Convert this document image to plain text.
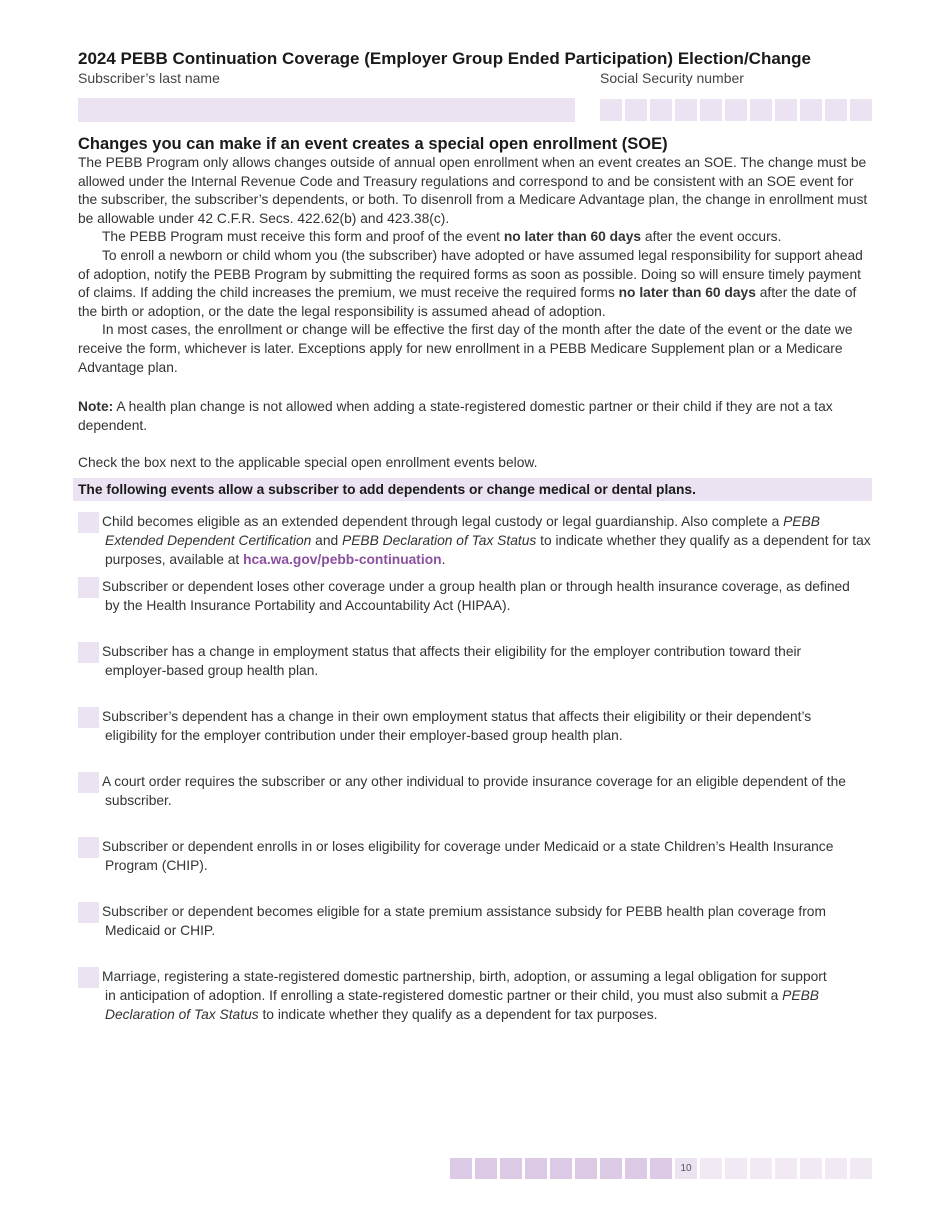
2024 PEBB Continuation Coverage (Employer Group Ended Participation) Election/Change
Subscriber’s last name	Social Security number
Changes you can make if an event creates a special open enrollment (SOE)

The PEBB Program only allows changes outside of annual open enrollment when an event creates an SOE. The change must be allowed under the Internal Revenue Code and Treasury regulations and correspond to and be consistent with an SOE event for the subscriber, the subscriber’s dependents, or both. To disenroll from a Medicare Advantage plan, the change in enrollment must be allowable under 42 C.F.R. Secs. 422.62(b) and 423.38(c).

The PEBB Program must receive this form and proof of the event no later than 60 days after the event occurs.

To enroll a newborn or child whom you (the subscriber) have adopted or have assumed legal responsibility for support ahead of adoption, notify the PEBB Program by submitting the required forms as soon as possible. Doing so will ensure timely payment of claims. If adding the child increases the premium, we must receive the required forms no later than 60 days after the date of the birth or adoption, or the date the legal responsibility is assumed ahead of adoption.

In most cases, the enrollment or change will be effective the first day of the month after the date of the event or the date we receive the form, whichever is later. Exceptions apply for new enrollment in a PEBB Medicare Supplement plan or a Medicare Advantage plan.

Note: A health plan change is not allowed when adding a state-registered domestic partner or their child if they are not a tax dependent.

Check the box next to the applicable special open enrollment events below.

The following events allow a subscriber to add dependents or change medical or dental plans.
Child becomes eligible as an extended dependent through legal custody or legal guardianship. Also complete a PEBB
Extended Dependent Certification and PEBB Declaration of Tax Status to indicate whether they qualify as a dependent for tax
purposes, available at hca.wa.gov/pebb-continuation.
Subscriber or dependent loses other coverage under a group health plan or through health insurance coverage, as defined
by the Health Insurance Portability and Accountability Act (HIPAA).
Subscriber has a change in employment status that affects their eligibility for the employer contribution toward their
employer-based group health plan.
Subscriber’s dependent has a change in their own employment status that affects their eligibility or their dependent’s
eligibility for the employer contribution under their employer-based group health plan.
A court order requires the subscriber or any other individual to provide insurance coverage for an eligible dependent of the
subscriber.
Subscriber or dependent enrolls in or loses eligibility for coverage under Medicaid or a state Children’s Health Insurance
Program (CHIP).
Subscriber or dependent becomes eligible for a state premium assistance subsidy for PEBB health plan coverage from
Medicaid or CHIP.
Marriage, registering a state-registered domestic partnership, birth, adoption, or assuming a legal obligation for support
in anticipation of adoption. If enrolling a state-registered domestic partner or their child, you must also submit a PEBB
Declaration of Tax Status to indicate whether they qualify as a dependent for tax purposes.
10
